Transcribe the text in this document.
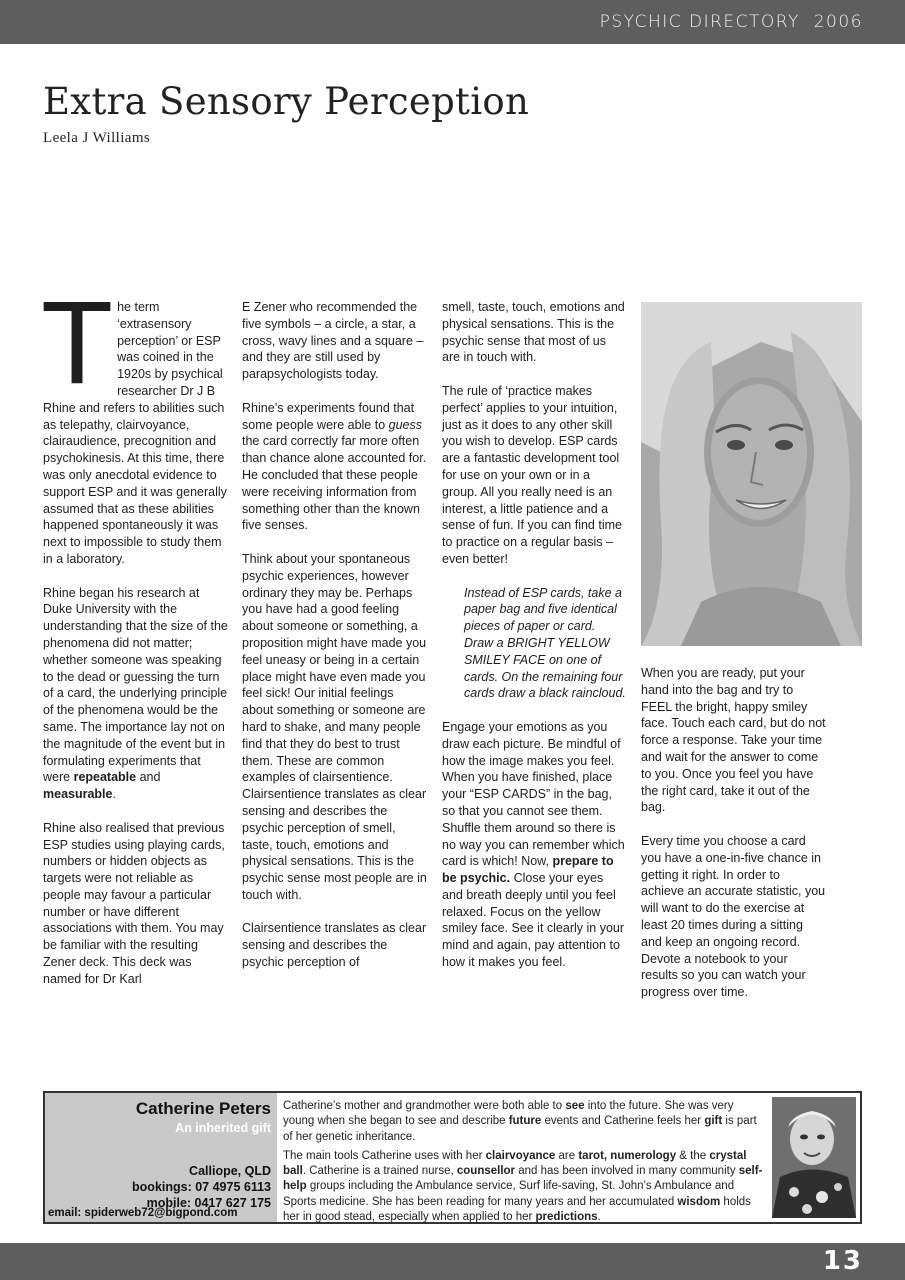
PSYCHIC DIRECTORY 2006
Extra Sensory Perception
Leela J Williams

The term ‘extrasensory perception’ or ESP was coined in the 1920s by psychical researcher Dr J B Rhine and refers to abilities such as telepathy, clairvoyance, clairaudience, precognition and psychokinesis. At this time, there was only anecdotal evidence to support ESP and it was generally assumed that as these abilities happened spontaneously it was next to impossible to study them in a laboratory.

Rhine began his research at Duke University with the understanding that the size of the phenomena did not matter; whether someone was speaking to the dead or guessing the turn of a card, the underlying principle of the phenomena would be the same. The importance lay not on the magnitude of the event but in formulating experiments that were repeatable and measurable.

Rhine also realised that previous ESP studies using playing cards, numbers or hidden objects as targets were not reliable as people may favour a particular number or have different associations with them. You may be familiar with the resulting Zener deck. This deck was named for Dr Karl

E Zener who recommended the five symbols – a circle, a star, a cross, wavy lines and a square – and they are still used by parapsychologists today.

Rhine’s experiments found that some people were able to guess the card correctly far more often than chance alone accounted for. He concluded that these people were receiving information from something other than the known five senses.

Think about your spontaneous psychic experiences, however ordinary they may be. Perhaps you have had a good feeling about someone or something, a proposition might have made you feel uneasy or being in a certain place might have even made you feel sick! Our initial feelings about something or someone are hard to shake, and many people find that they do best to trust them. These are common examples of clairsentience. Clairsentience translates as clear sensing and describes the psychic perception of smell, taste, touch, emotions and physical sensations. This is the psychic sense most people are in touch with.

Clairsentience translates as clear sensing and describes the psychic perception of

smell, taste, touch, emotions and physical sensations. This is the psychic sense that most of us are in touch with.

The rule of ‘practice makes perfect’ applies to your intuition, just as it does to any other skill you wish to develop. ESP cards are a fantastic development tool for use on your own or in a group. All you really need is an interest, a little patience and a sense of fun. If you can find time to practice on a regular basis – even better!

Instead of ESP cards, take a paper bag and five identical pieces of paper or card. Draw a BRIGHT YELLOW SMILEY FACE on one of cards. On the remaining four cards draw a black raincloud.

Engage your emotions as you draw each picture. Be mindful of how the image makes you feel. When you have finished, place your “ESP CARDS” in the bag, so that you cannot see them. Shuffle them around so there is no way you can remember which card is which! Now, prepare to be psychic. Close your eyes and breath deeply until you feel relaxed. Focus on the yellow smiley face. See it clearly in your mind and again, pay attention to how it makes you feel.

When you are ready, put your hand into the bag and try to FEEL the bright, happy smiley face. Touch each card, but do not force a response. Take your time and wait for the answer to come to you. Once you feel you have the right card, take it out of the bag.

Every time you choose a card you have a one-in-five chance in getting it right. In order to achieve an accurate statistic, you will want to do the exercise at least 20 times during a sitting and keep an ongoing record. Devote a notebook to your results so you can watch your progress over time.

Catherine Peters
An inherited gift
Calliope, QLD
bookings: 07 4975 6113
mobile: 0417 627 175
email: spiderweb72@bigpond.com

Catherine’s mother and grandmother were both able to see into the future. She was very young when she began to see and describe future events and Catherine feels her gift is part of her genetic inheritance.

The main tools Catherine uses with her clairvoyance are tarot, numerology & the crystal ball. Catherine is a trained nurse, counsellor and has been involved in many community self-help groups including the Ambulance service, Surf life-saving, St. John’s Ambulance and Sports medicine. She has been reading for many years and her accumulated wisdom holds her in good stead, especially when applied to her predictions.

13
